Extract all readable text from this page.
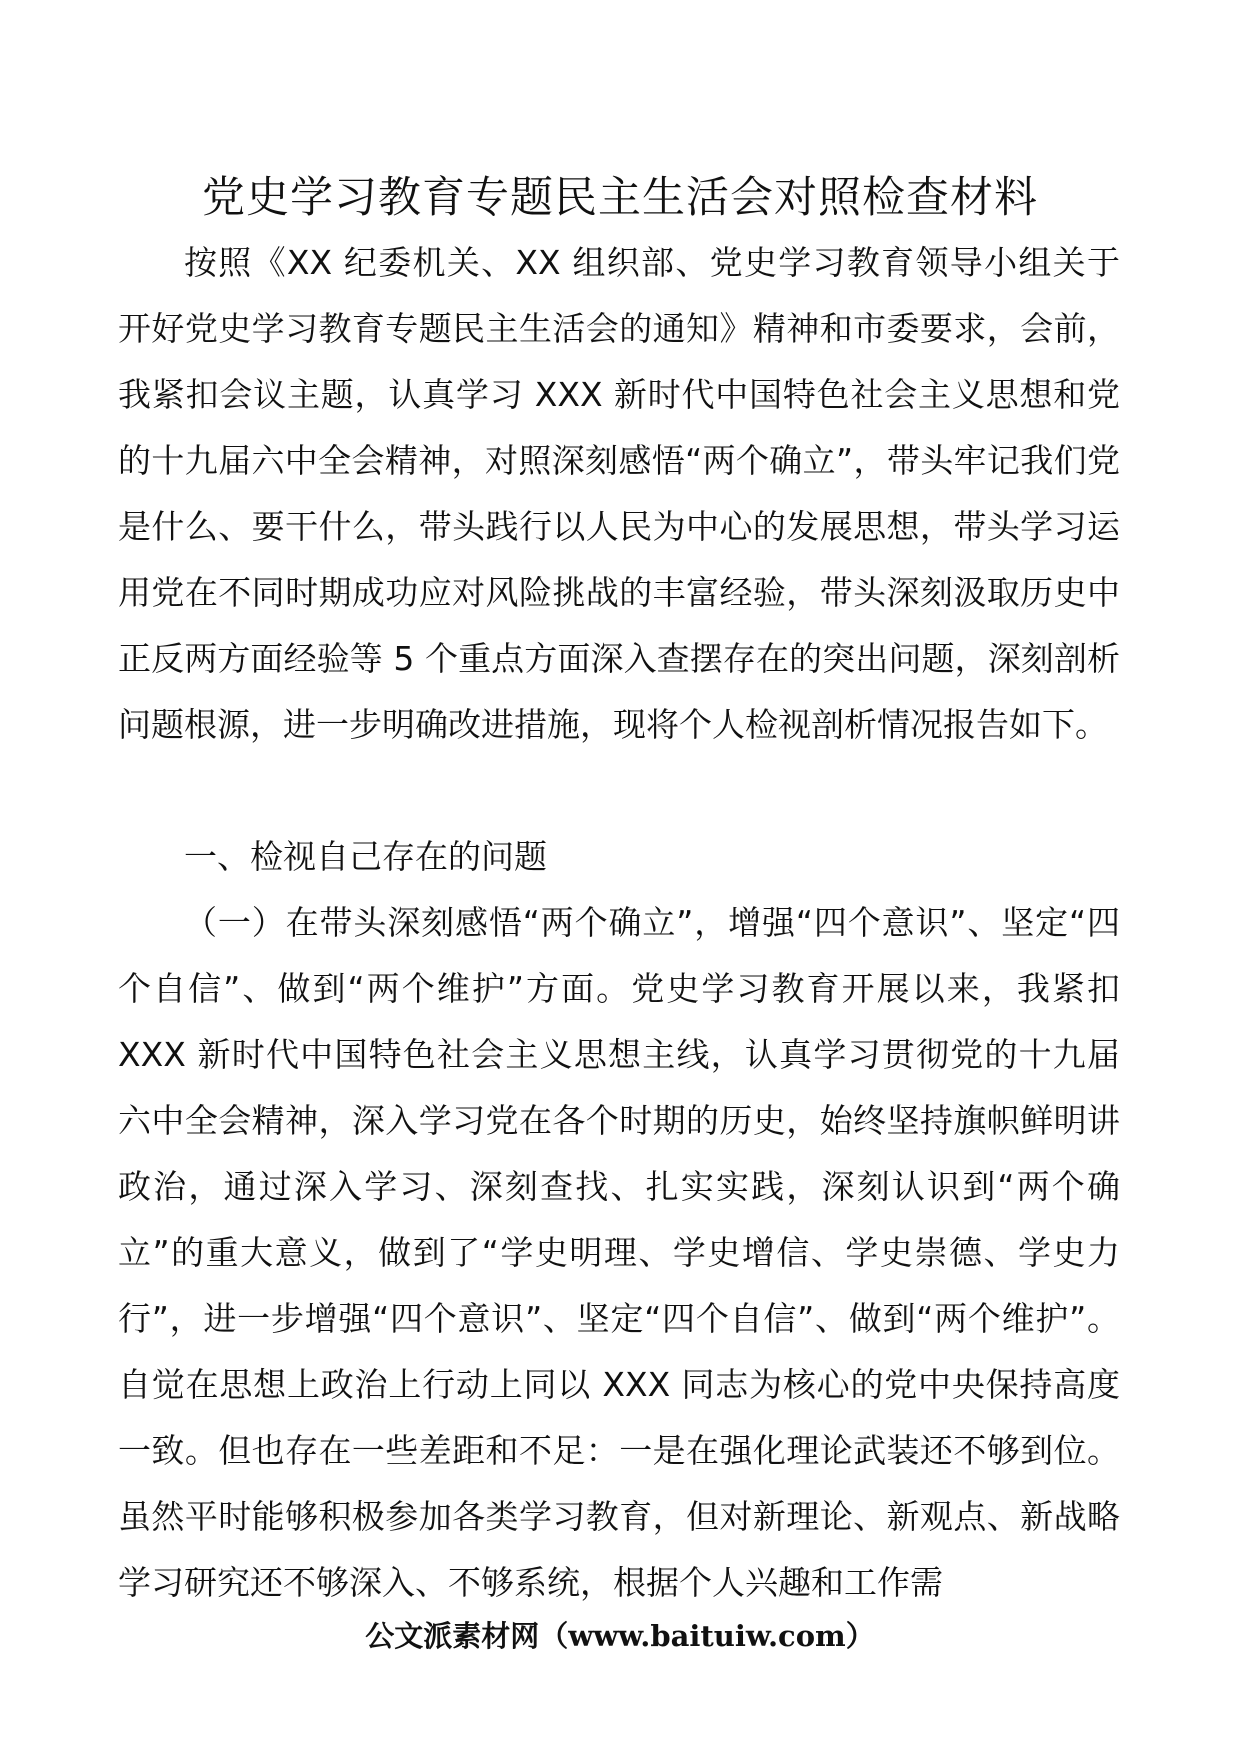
党史学习教育专题民主生活会对照检查材料

按照《XX 纪委机关、XX 组织部、党史学习教育领导小组关于开好党史学习教育专题民主生活会的通知》精神和市委要求，会前，我紧扣会议主题，认真学习 XXX 新时代中国特色社会主义思想和党的十九届六中全会精神，对照深刻感悟“两个确立”，带头牢记我们党是什么、要干什么，带头践行以人民为中心的发展思想，带头学习运用党在不同时期成功应对风险挑战的丰富经验，带头深刻汲取历史中正反两方面经验等 5 个重点方面深入查摆存在的突出问题，深刻剖析问题根源，进一步明确改进措施，现将个人检视剖析情况报告如下。

一、检视自己存在的问题

（一）在带头深刻感悟“两个确立”，增强“四个意识”、坚定“四个自信”、做到“两个维护”方面。党史学习教育开展以来，我紧扣 XXX 新时代中国特色社会主义思想主线，认真学习贯彻党的十九届六中全会精神，深入学习党在各个时期的历史，始终坚持旗帜鲜明讲政治，通过深入学习、深刻查找、扎实实践，深刻认识到“两个确立”的重大意义，做到了“学史明理、学史增信、学史崇德、学史力行”，进一步增强“四个意识”、坚定“四个自信”、做到“两个维护”。自觉在思想上政治上行动上同以 XXX 同志为核心的党中央保持高度一致。但也存在一些差距和不足：一是在强化理论武装还不够到位。虽然平时能够积极参加各类学习教育，但对新理论、新观点、新战略学习研究还不够深入、不够系统，根据个人兴趣和工作需

公文派素材网（www.baituiw.com）
